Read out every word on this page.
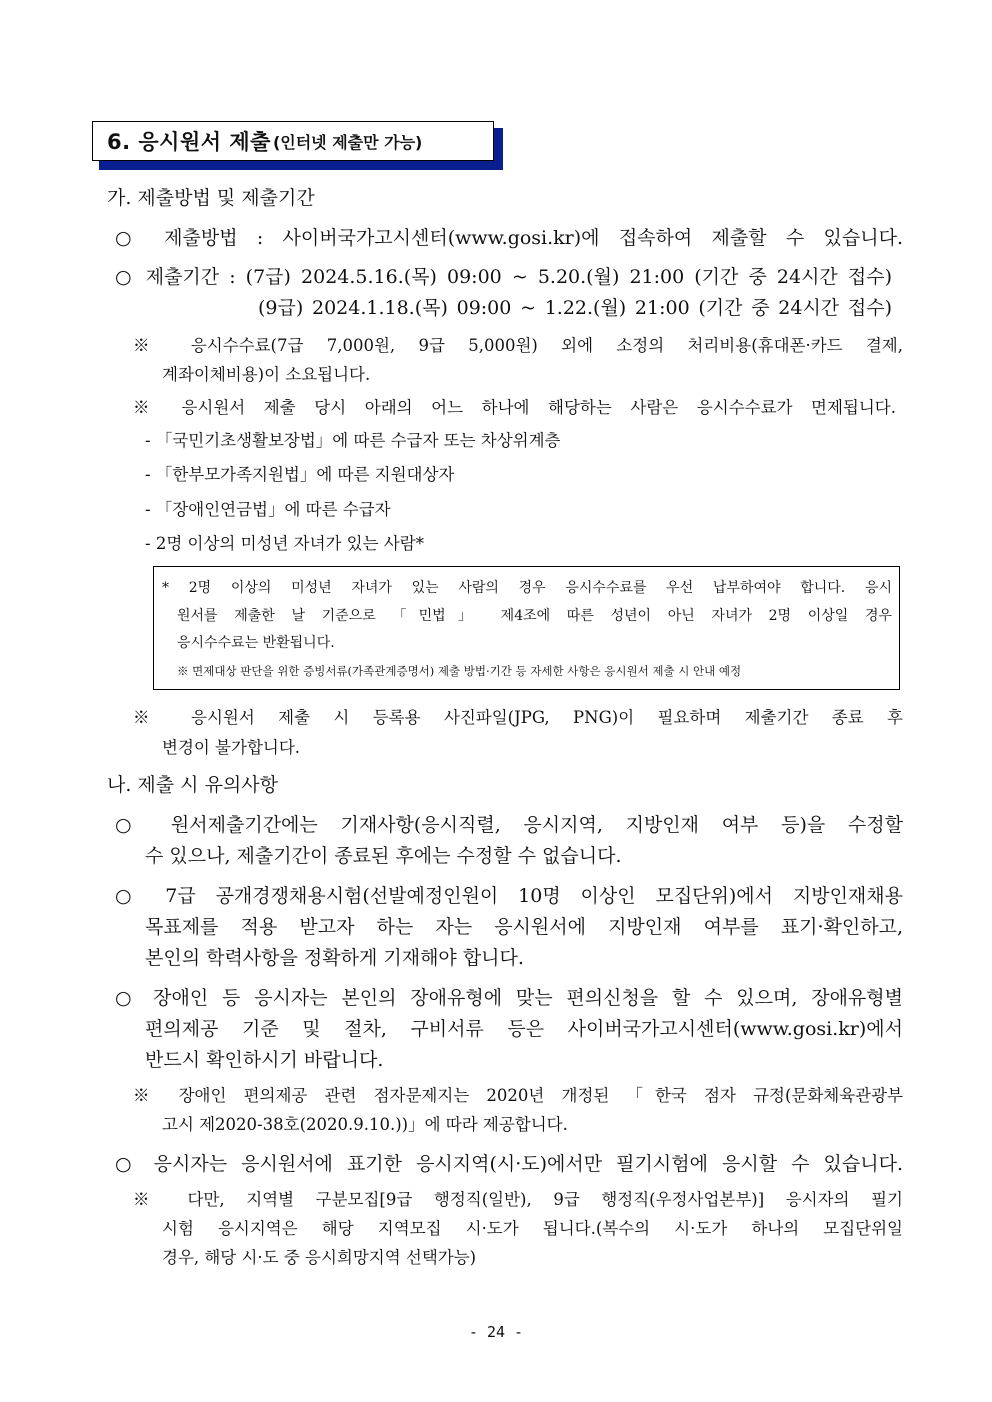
6. 응시원서 제출 (인터넷 제출만 가능)
가. 제출방법 및 제출기간
○ 제출방법 : 사이버국가고시센터(www.gosi.kr)에 접속하여 제출할 수 있습니다.
○ 제출기간 : (7급) 2024.5.16.(목) 09:00 ~ 5.20.(월) 21:00 (기간 중 24시간 접수)
(9급) 2024.1.18.(목) 09:00 ~ 1.22.(월) 21:00 (기간 중 24시간 접수)
※ 응시수수료(7급 7,000원, 9급 5,000원) 외에 소정의 처리비용(휴대폰·카드 결제,
계좌이체비용)이 소요됩니다.
※ 응시원서 제출 당시 아래의 어느 하나에 해당하는 사람은 응시수수료가 면제됩니다.
- 「국민기초생활보장법」에 따른 수급자 또는 차상위계층
- 「한부모가족지원법」에 따른 지원대상자
- 「장애인연금법」에 따른 수급자
- 2명 이상의 미성년 자녀가 있는 사람*
* 2명 이상의 미성년 자녀가 있는 사람의 경우 응시수수료를 우선 납부하여야 합니다. 응시
원서를 제출한 날 기준으로 「민법」 제4조에 따른 성년이 아닌 자녀가 2명 이상일 경우
응시수수료는 반환됩니다.
※ 면제대상 판단을 위한 증빙서류(가족관계증명서) 제출 방법·기간 등 자세한 사항은 응시원서 제출 시 안내 예정
※ 응시원서 제출 시 등록용 사진파일(JPG, PNG)이 필요하며 제출기간 종료 후
변경이 불가합니다.
나. 제출 시 유의사항
○ 원서제출기간에는 기재사항(응시직렬, 응시지역, 지방인재 여부 등)을 수정할
수 있으나, 제출기간이 종료된 후에는 수정할 수 없습니다.
○ 7급 공개경쟁채용시험(선발예정인원이 10명 이상인 모집단위)에서 지방인재채용
목표제를 적용 받고자 하는 자는 응시원서에 지방인재 여부를 표기·확인하고,
본인의 학력사항을 정확하게 기재해야 합니다.
○ 장애인 등 응시자는 본인의 장애유형에 맞는 편의신청을 할 수 있으며, 장애유형별
편의제공 기준 및 절차, 구비서류 등은 사이버국가고시센터(www.gosi.kr)에서
반드시 확인하시기 바랍니다.
※ 장애인 편의제공 관련 점자문제지는 2020년 개정된 「한국 점자 규정(문화체육관광부
고시 제2020-38호(2020.9.10.))」에 따라 제공합니다.
○ 응시자는 응시원서에 표기한 응시지역(시·도)에서만 필기시험에 응시할 수 있습니다.
※ 다만, 지역별 구분모집[9급 행정직(일반), 9급 행정직(우정사업본부)] 응시자의 필기
시험 응시지역은 해당 지역모집 시·도가 됩니다.(복수의 시·도가 하나의 모집단위일
경우, 해당 시·도 중 응시희망지역 선택가능)
- 24 -
